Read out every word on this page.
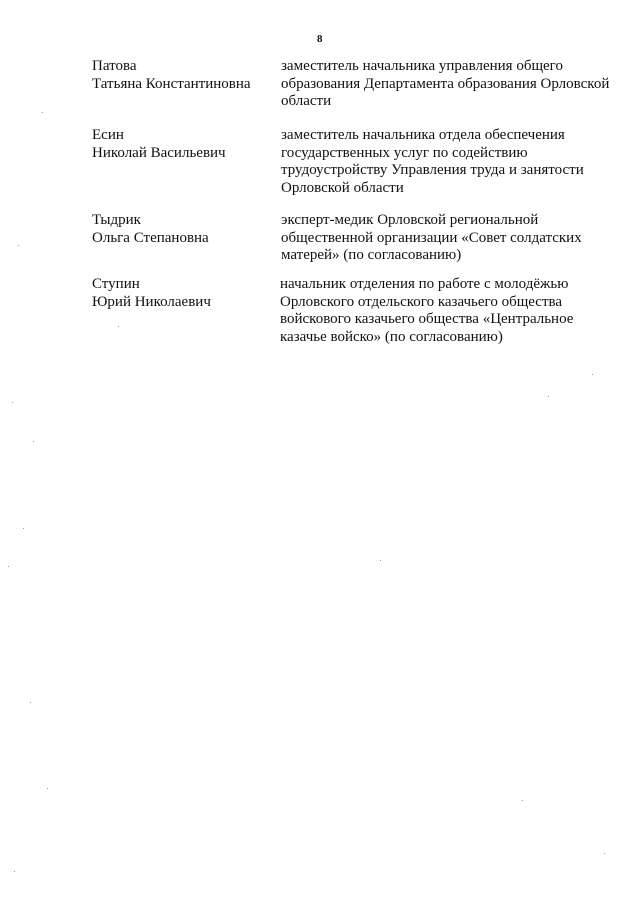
8
Патова
Татьяна Константиновна
заместитель начальника управления общего
образования Департамента образования Орловской
области
Есин
Николай Васильевич
заместитель начальника отдела обеспечения
государственных услуг по содействию
трудоустройству Управления труда и занятости
Орловской области
Тыдрик
Ольга Степановна
эксперт-медик Орловской региональной
общественной организации «Совет солдатских
матерей» (по согласованию)
Ступин
Юрий Николаевич
начальник отделения по работе с молодёжью
Орловского отдельского казачьего общества
войскового казачьего общества «Центральное
казачье войско» (по согласованию)
